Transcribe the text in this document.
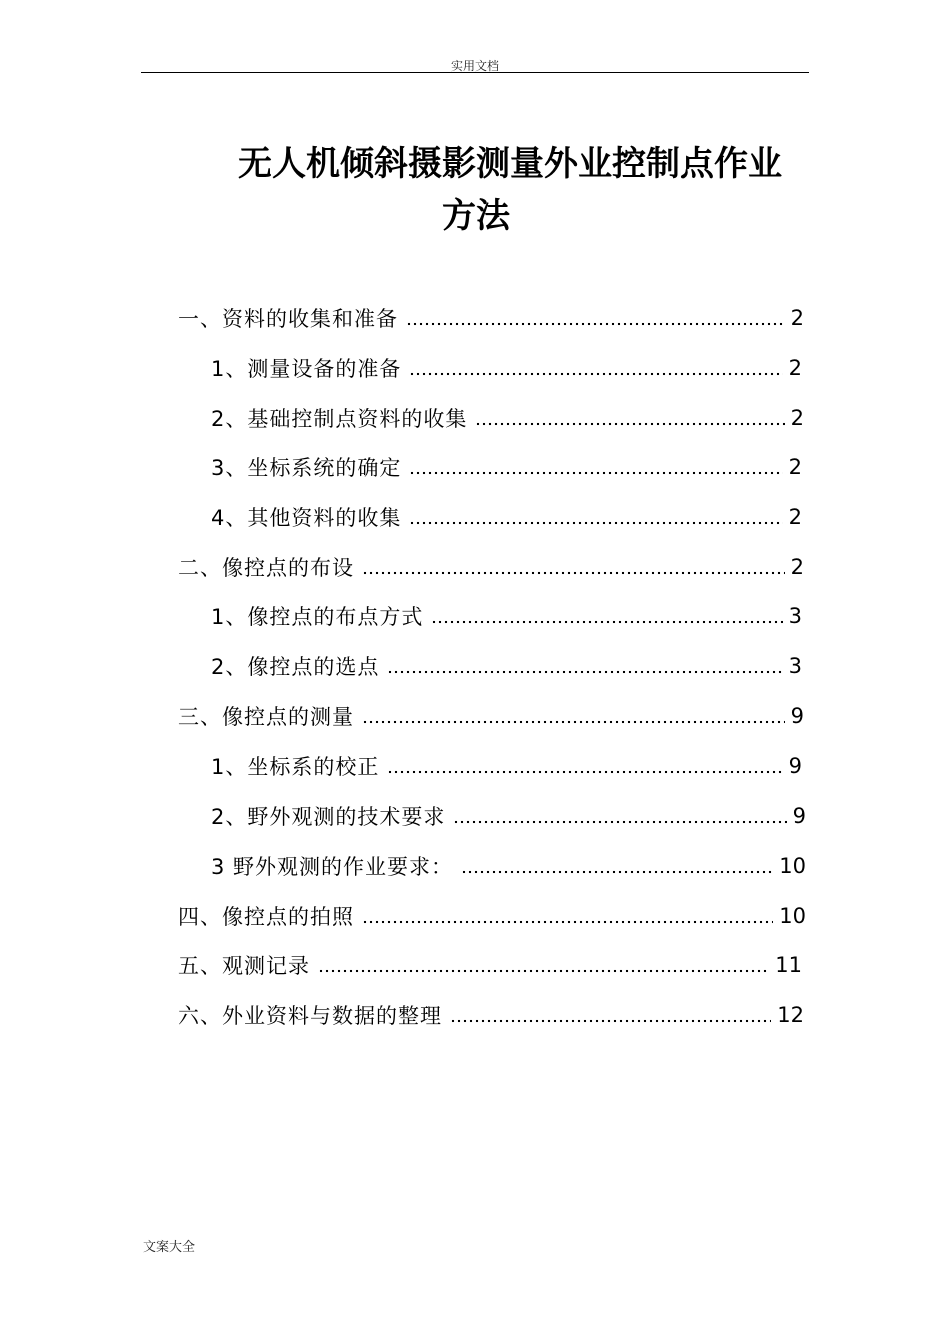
实用文档
无人机倾斜摄影测量外业控制点作业
方法
一、资料的收集和准备	2
1、测量设备的准备	2
2、基础控制点资料的收集	2
3、坐标系统的确定	2
4、其他资料的收集	2
二、像控点的布设	2
1、像控点的布点方式	3
2、像控点的选点	3
三、像控点的测量	9
1、坐标系的校正	9
2、野外观测的技术要求	9
3 野外观测的作业要求：	10
四、像控点的拍照	10
五、观测记录	11
六、外业资料与数据的整理	12
文案大全
